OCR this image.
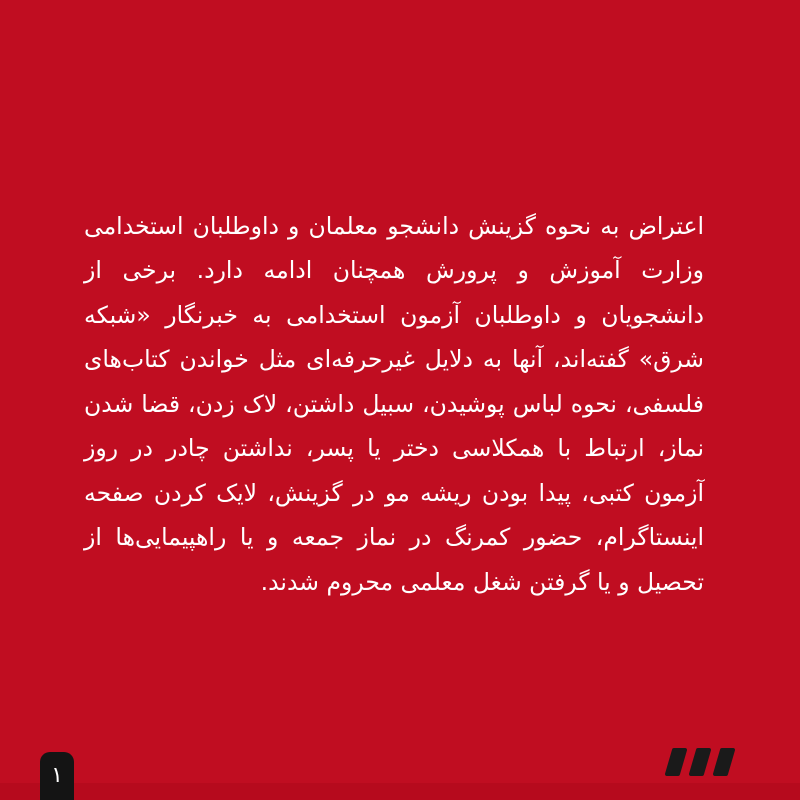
اعتراض به نحوه گزینش دانشجو معلمان و داوطلبان استخدامی وزارت آموزش و پرورش همچنان ادامه دارد. برخی از دانشجویان و داوطلبان آزمون استخدامی به خبرنگار «شبکه شرق» گفته‌اند، آنها به دلایل غیرحرفه‌ای مثل خواندن کتاب‌های فلسفی، نحوه لباس پوشیدن، سبیل داشتن، لاک زدن، قضا شدن نماز، ارتباط با همکلاسی دختر یا پسر، نداشتن چادر در روز آزمون کتبی، پیدا بودن ریشه مو در گزینش، لایک کردن صفحه اینستاگرام، حضور کمرنگ در نماز جمعه و یا راهپیمایی‌ها از تحصیل و یا گرفتن شغل معلمی محروم شدند.

۱
